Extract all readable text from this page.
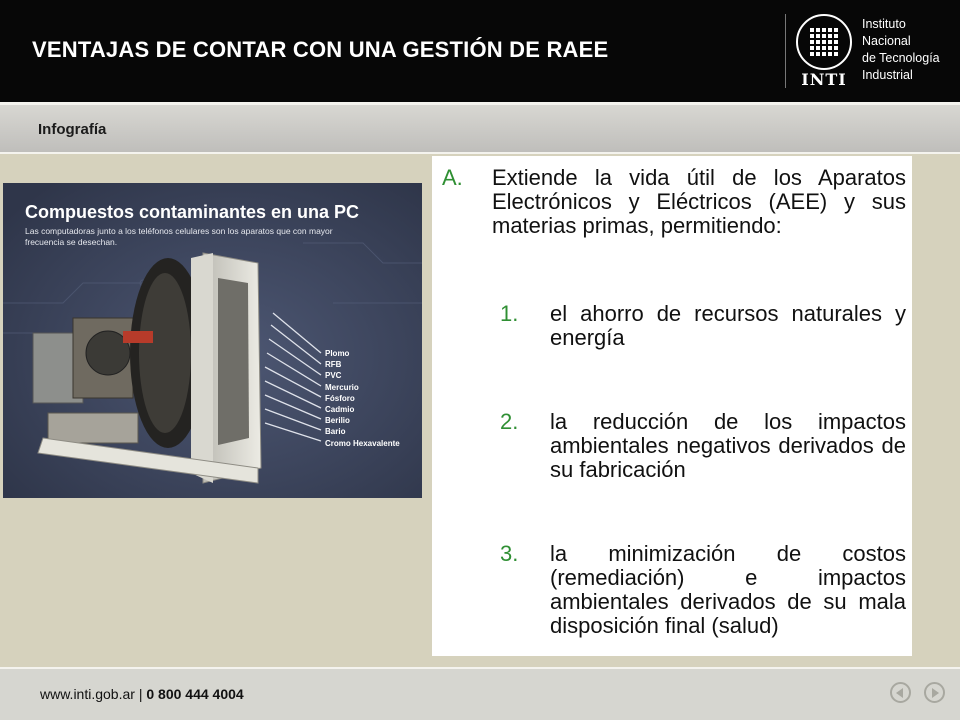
VENTAJAS DE CONTAR CON UNA GESTIÓN DE RAEE
INTI
Instituto
Nacional
de Tecnología
Industrial
Infografía
Compuestos contaminantes en una PC
Las computadoras junto a los teléfonos celulares son los aparatos que con mayor frecuencia se desechan.
Plomo
RFB
PVC
Mercurio
Fósforo
Cadmio
Berilio
Bario
Cromo Hexavalente
A. Extiende la vida útil de los Aparatos Electrónicos y Eléctricos (AEE) y sus materias primas, permitiendo:
1. el ahorro de recursos naturales y energía
2. la reducción de los impactos ambientales negativos derivados de su fabricación
3. la minimización de costos (remediación) e impactos ambientales derivados de su mala disposición final (salud)
www.inti.gob.ar | 0 800 444 4004
